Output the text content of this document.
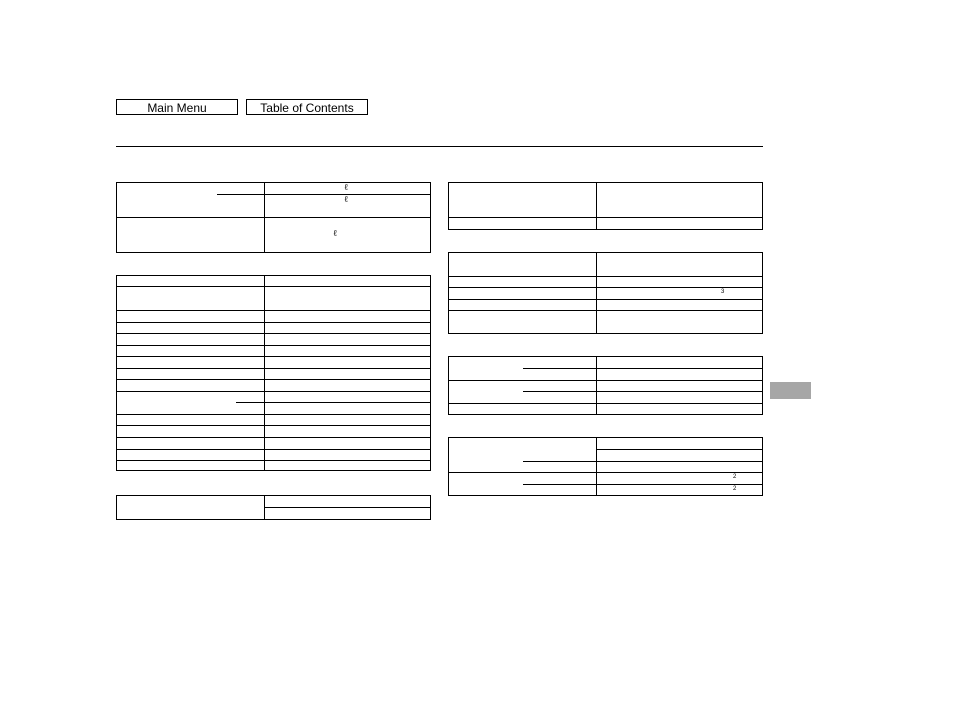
Main Menu	Table of Contents
ℓ
ℓ
ℓ
3
2
2
